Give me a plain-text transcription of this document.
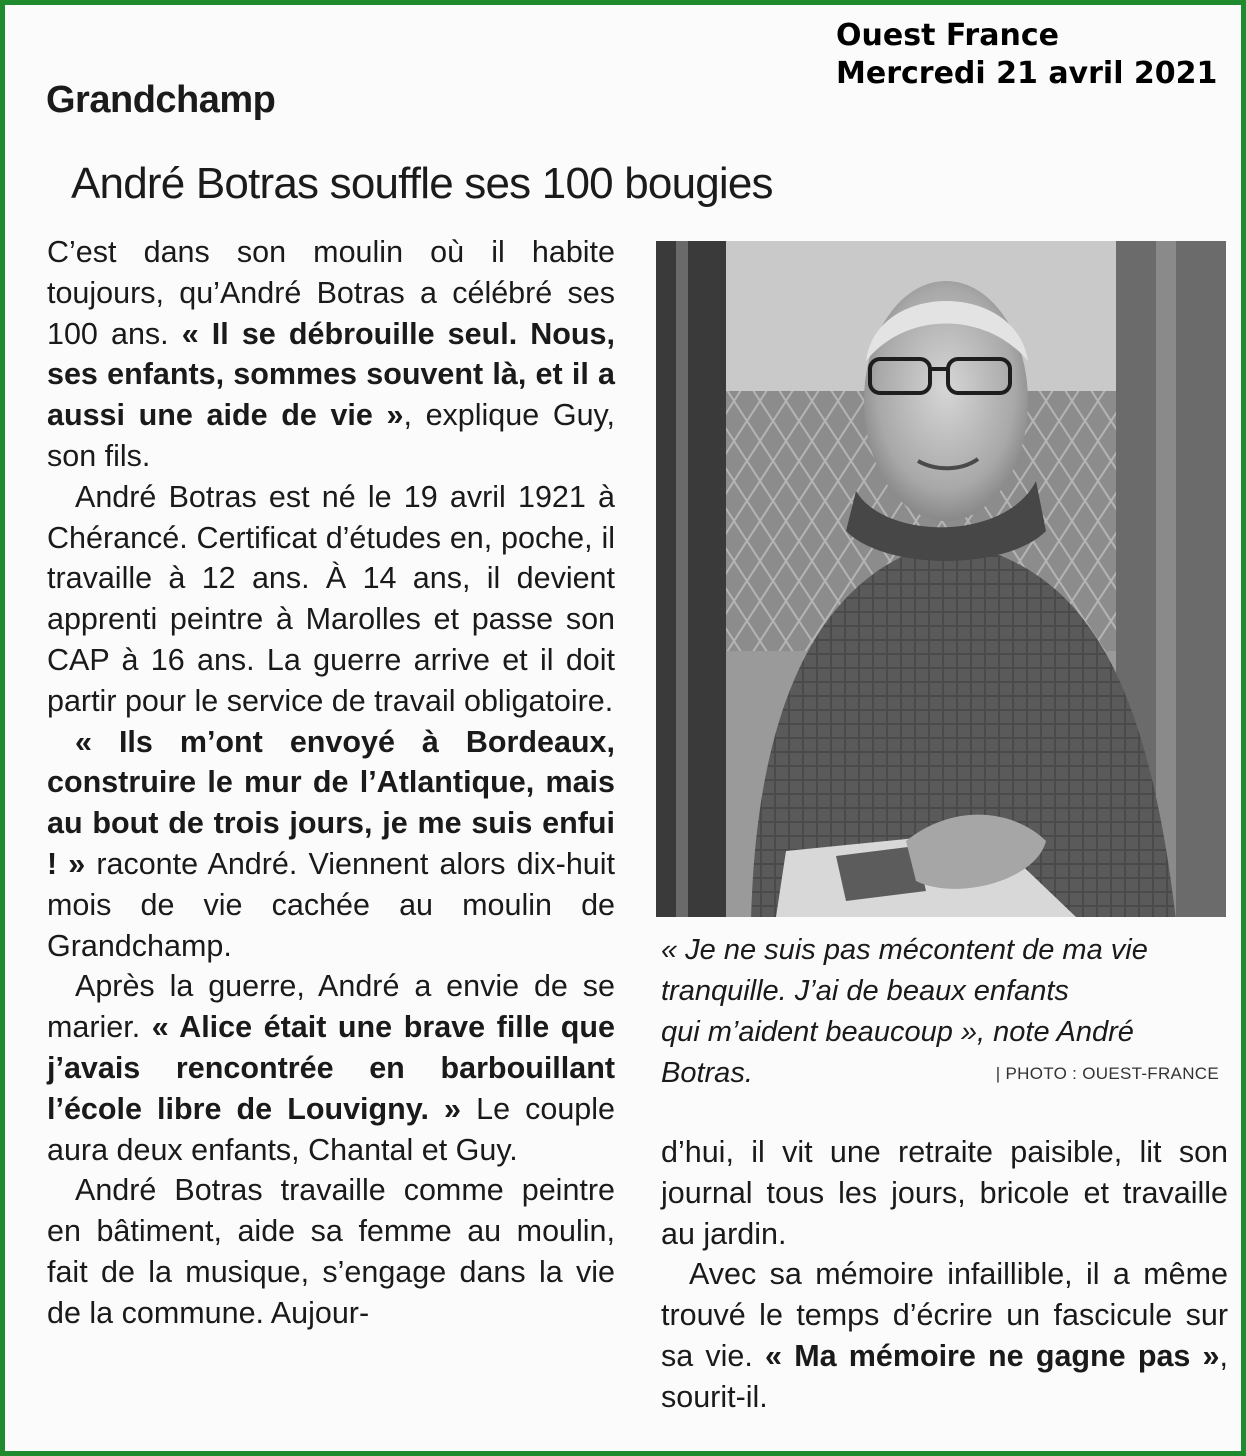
Ouest France
Mercredi 21 avril 2021
Grandchamp
André Botras souffle ses 100 bougies

C’est dans son moulin où il habite toujours, qu’André Botras a célébré ses 100 ans. « Il se débrouille seul. Nous, ses enfants, sommes souvent là, et il a aussi une aide de vie », explique Guy, son fils.

André Botras est né le 19 avril 1921 à Chérancé. Certificat d’études en, poche, il travaille à 12 ans. À 14 ans, il devient apprenti peintre à Marolles et passe son CAP à 16 ans. La guerre arrive et il doit partir pour le service de travail obligatoire.

« Ils m’ont envoyé à Bordeaux, construire le mur de l’Atlantique, mais au bout de trois jours, je me suis enfui ! » raconte André. Viennent alors dix-huit mois de vie cachée au moulin de Grandchamp.

Après la guerre, André a envie de se marier. « Alice était une brave fille que j’avais rencontrée en barbouillant l’école libre de Louvigny. » Le couple aura deux enfants, Chantal et Guy.

André Botras travaille comme peintre en bâtiment, aide sa femme au moulin, fait de la musique, s’engage dans la vie de la commune. Aujour-

« Je ne suis pas mécontent de ma vie
tranquille. J’ai de beaux enfants
qui m’aident beaucoup », note André
Botras.	| PHOTO : OUEST-FRANCE

d’hui, il vit une retraite paisible, lit son journal tous les jours, bricole et travaille au jardin.

Avec sa mémoire infaillible, il a même trouvé le temps d’écrire un fascicule sur sa vie. « Ma mémoire ne gagne pas », sourit-il.
